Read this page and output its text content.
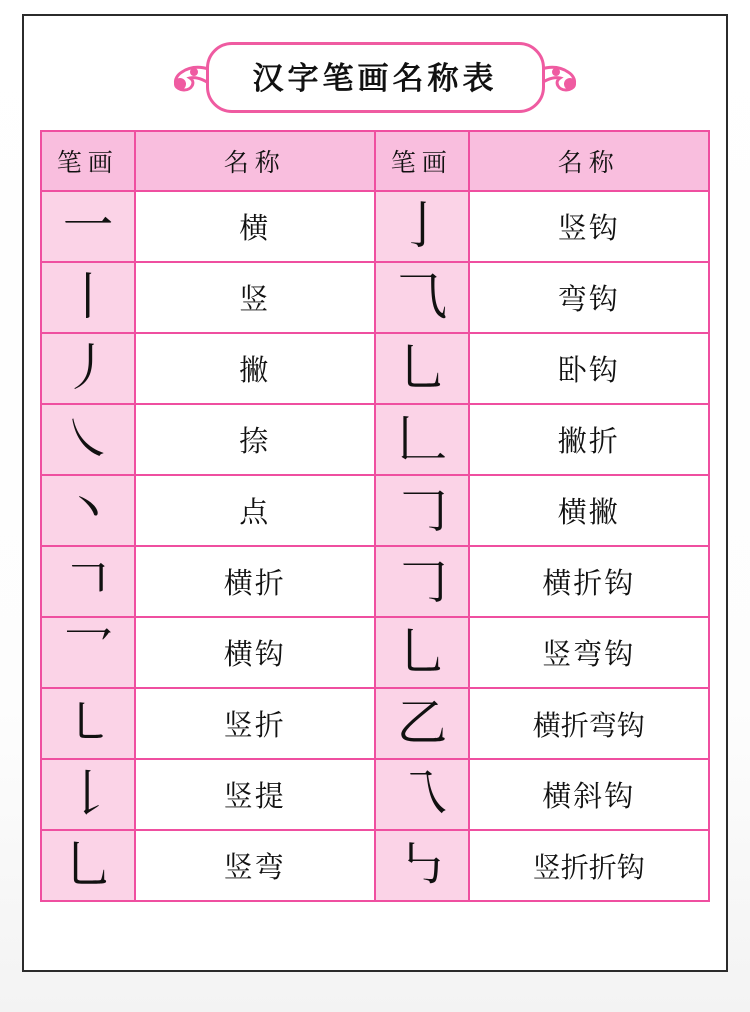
汉字笔画名称表
笔画	名称	笔画	名称
一	横	亅	竖钩
丨	竖	⺄	弯钩
丿	撇	乚	卧钩
㇏	捺	𠃊	撇折
丶	点	𠃌	横撇
𠃍	横折	𠃌	横折钩
乛	横钩	乚	竖弯钩
㇄	竖折	乙	横折弯钩
𠄌	竖提	乁	横斜钩
乚	竖弯	㇉	竖折折钩
